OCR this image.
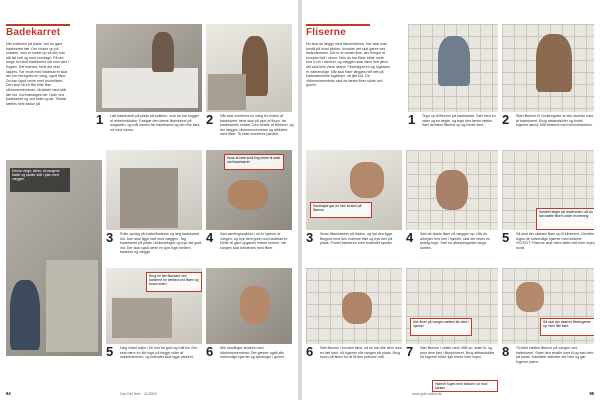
Badekarret
Når sokkelen på plads, bør du gøre badekarret tæt. Der lukkes op på sokklen, som er lukket op så den kan stå lidt lodt og med montage. På det lange led skal badekarret stå men løst i flugten. Det kræves, fordi det skal skjules. Før ende med badekarret skal der her beregnes en vang, også fliser. Du kan også vente med bruseflisen. Den skal så en lille bitte flise vådrumsmembran, så sidste rand står tæt ind. Kortmøntages der i side ved badekarret og ved toilet og alt. Tilsidst sættes hele kasse på.
1 Løft badekarret på plads på sokklen, som du har bygget af letbetonblokke. Fastgør den første fliseskinne på langsiden, og mål kanten før badekarret og den lille kant ud mod muren.
2 Når skal monteres en vang for enden af badekarret, først skal på pipe af tilsyn, fra badekarrets sokkel. Den består af letbeton, og der lægges vådrumsmembran og afsluttes med fliser. Til sidst monteres panelet.
Denne vinge, sikrer, at vangens flader og kanter står i plan med væggen
Husk at lade små ting vente til sidst ved badekarret
3 Rulle opslag på sokkelfladerne og læg badekarret ind. Den skal ligge fast mod væggen. Tag badekarret på plads i silikonefugen og tryk det godt ind. Der skal også være en god fuge mellem badekar og vægge.
4 Sæt samlingsstykker i de to hjørner af vangen, og tryk dem godt mod badekarret. Dette vil gøre opgaven lettere senere, når vangen skal beklædes med fliser.
Brug en tæt flisekant ved kanterne for tæthed ved flisen og bruse siden
5 Læg lodret bøjle i 60 mm fra gulv og mål fra. Der skal være en flot fuge på begge sider af sokkelrammen, og bræddet skal ligge vandret. 6 Alle samlinger smøres med vådrumsmembran. Det gælder også alle indvendige hjørner og samlinger i gulvet.
94	Gør Det Selv · 11/2003
Fliserne
Nu skal du lægge med fliseemblems. Her skal man forstå på hvad klinker, hvordan det skal gøres ved badeværelser. Det er en smart flise, der bringer et komplet helt i stuen. Hvis du har fliser både mere end 4 cm i vandret, og væggen skal være helt jævn, det skal ikke være skævt. Fliseklipperen og fugesøm er nødvendige. Når skal fliser lægges helt tæt på badeværelsets fugelinjer, så tjek lod. De vådrumsmembran skal de første fliser sidde ved gulvet.
1 Tegn op til fliserne på badekarret. Sæt med en vater og en lægte, og tegn den første række. Sæt dernæst fliserne op og fordel dem.	2 Start fliserne til i forlængelse af den øverste kant af badekarret. Brug afstandskiler og fordel fugerne jævnt. Mål bestemt med tommestokken.
Kanthøjde gør en stor forskel på fliserne	Vandret lægte på undersiden, så du kan støtte flisen under montering
3 Smør flisenklæber på fladen, og lad den ligge. Begynd med den inderste flise og tryk den på plads. Fordel klæberen med fortandet spartel.	4 Sæt de første fliser på væggen op. Når du arbejder helt hen i hjørnet, skal der laves en tydelig fuge. Sæt en afslutningsliste langs kanten.
5 Så skal der skæres fliser op til klinkerne. Derefter fuges de indvendige hjørner med silikone. VIGTIGT: Fliserne skal være tætte helt hele vejen rundt.
Alle fliser på vangen sættes før dem i hjørnet
Så skal der skæres flisefugerne op i den lille kant
6 Sæt fliserne i bunden først, så du har alle dem med en tæt kant, så fugerne når vangen på plads. Brug tusch på flisen for at få den præcise mål.	7 Sæt fliserne i sidste rand. Mål op, skær til, og pres dem fast i flisepulveret. Brug afstandskiler så fugerne bliver lige brede hele vejen.	8 Til sidst sættes fliserne på vangen ved badekarret. Skær den smalle kant til og sæt dem på plads. Kantlister afslutter det hele og gør fugerne pæne.
Hjørnet fuges med silikone ud mod kanten
www.gds-online.dk	95
